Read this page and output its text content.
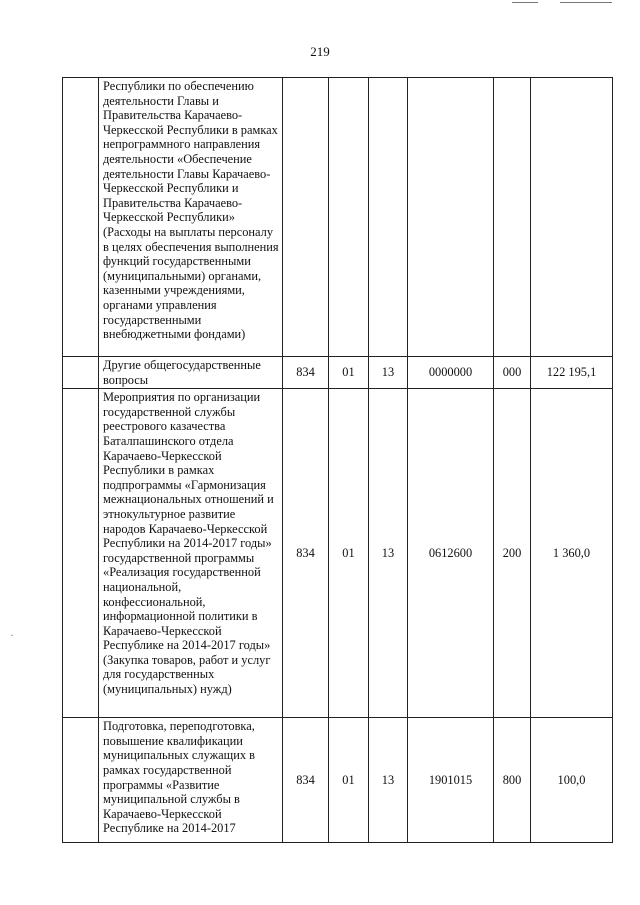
·
219
	Республики по обеспечению деятельности Главы и Правительства Карачаево-Черкесской Республики в рамках непрограммного направления деятельности «Обеспечение деятельности Главы Карачаево-Черкесской Республики и Правительства Карачаево-Черкесской Республики» (Расходы на выплаты персоналу в целях обеспечения выполнения функций государственными (муниципальными) органами, казенными учреждениями, органами управления государственными внебюджетными фондами)						
	Другие общегосударственные вопросы	834	01	13	0000000	000	122 195,1
	Мероприятия по организации государственной службы реестрового казачества Баталпашинского отдела Карачаево-Черкесской Республики в рамках подпрограммы «Гармонизация межнациональных отношений и этнокультурное развитие народов Карачаево-Черкесской Республики на 2014-2017 годы» государственной программы «Реализация государственной национальной, конфессиональной, информационной политики в Карачаево-Черкесской Республике на 2014-2017 годы» (Закупка товаров, работ и услуг для государственных (муниципальных) нужд)	834	01	13	0612600	200	1 360,0
	Подготовка, переподготовка, повышение квалификации муниципальных служащих в рамках государственной программы «Развитие муниципальной службы в Карачаево-Черкесской Республике на 2014-2017	834	01	13	1901015	800	100,0
